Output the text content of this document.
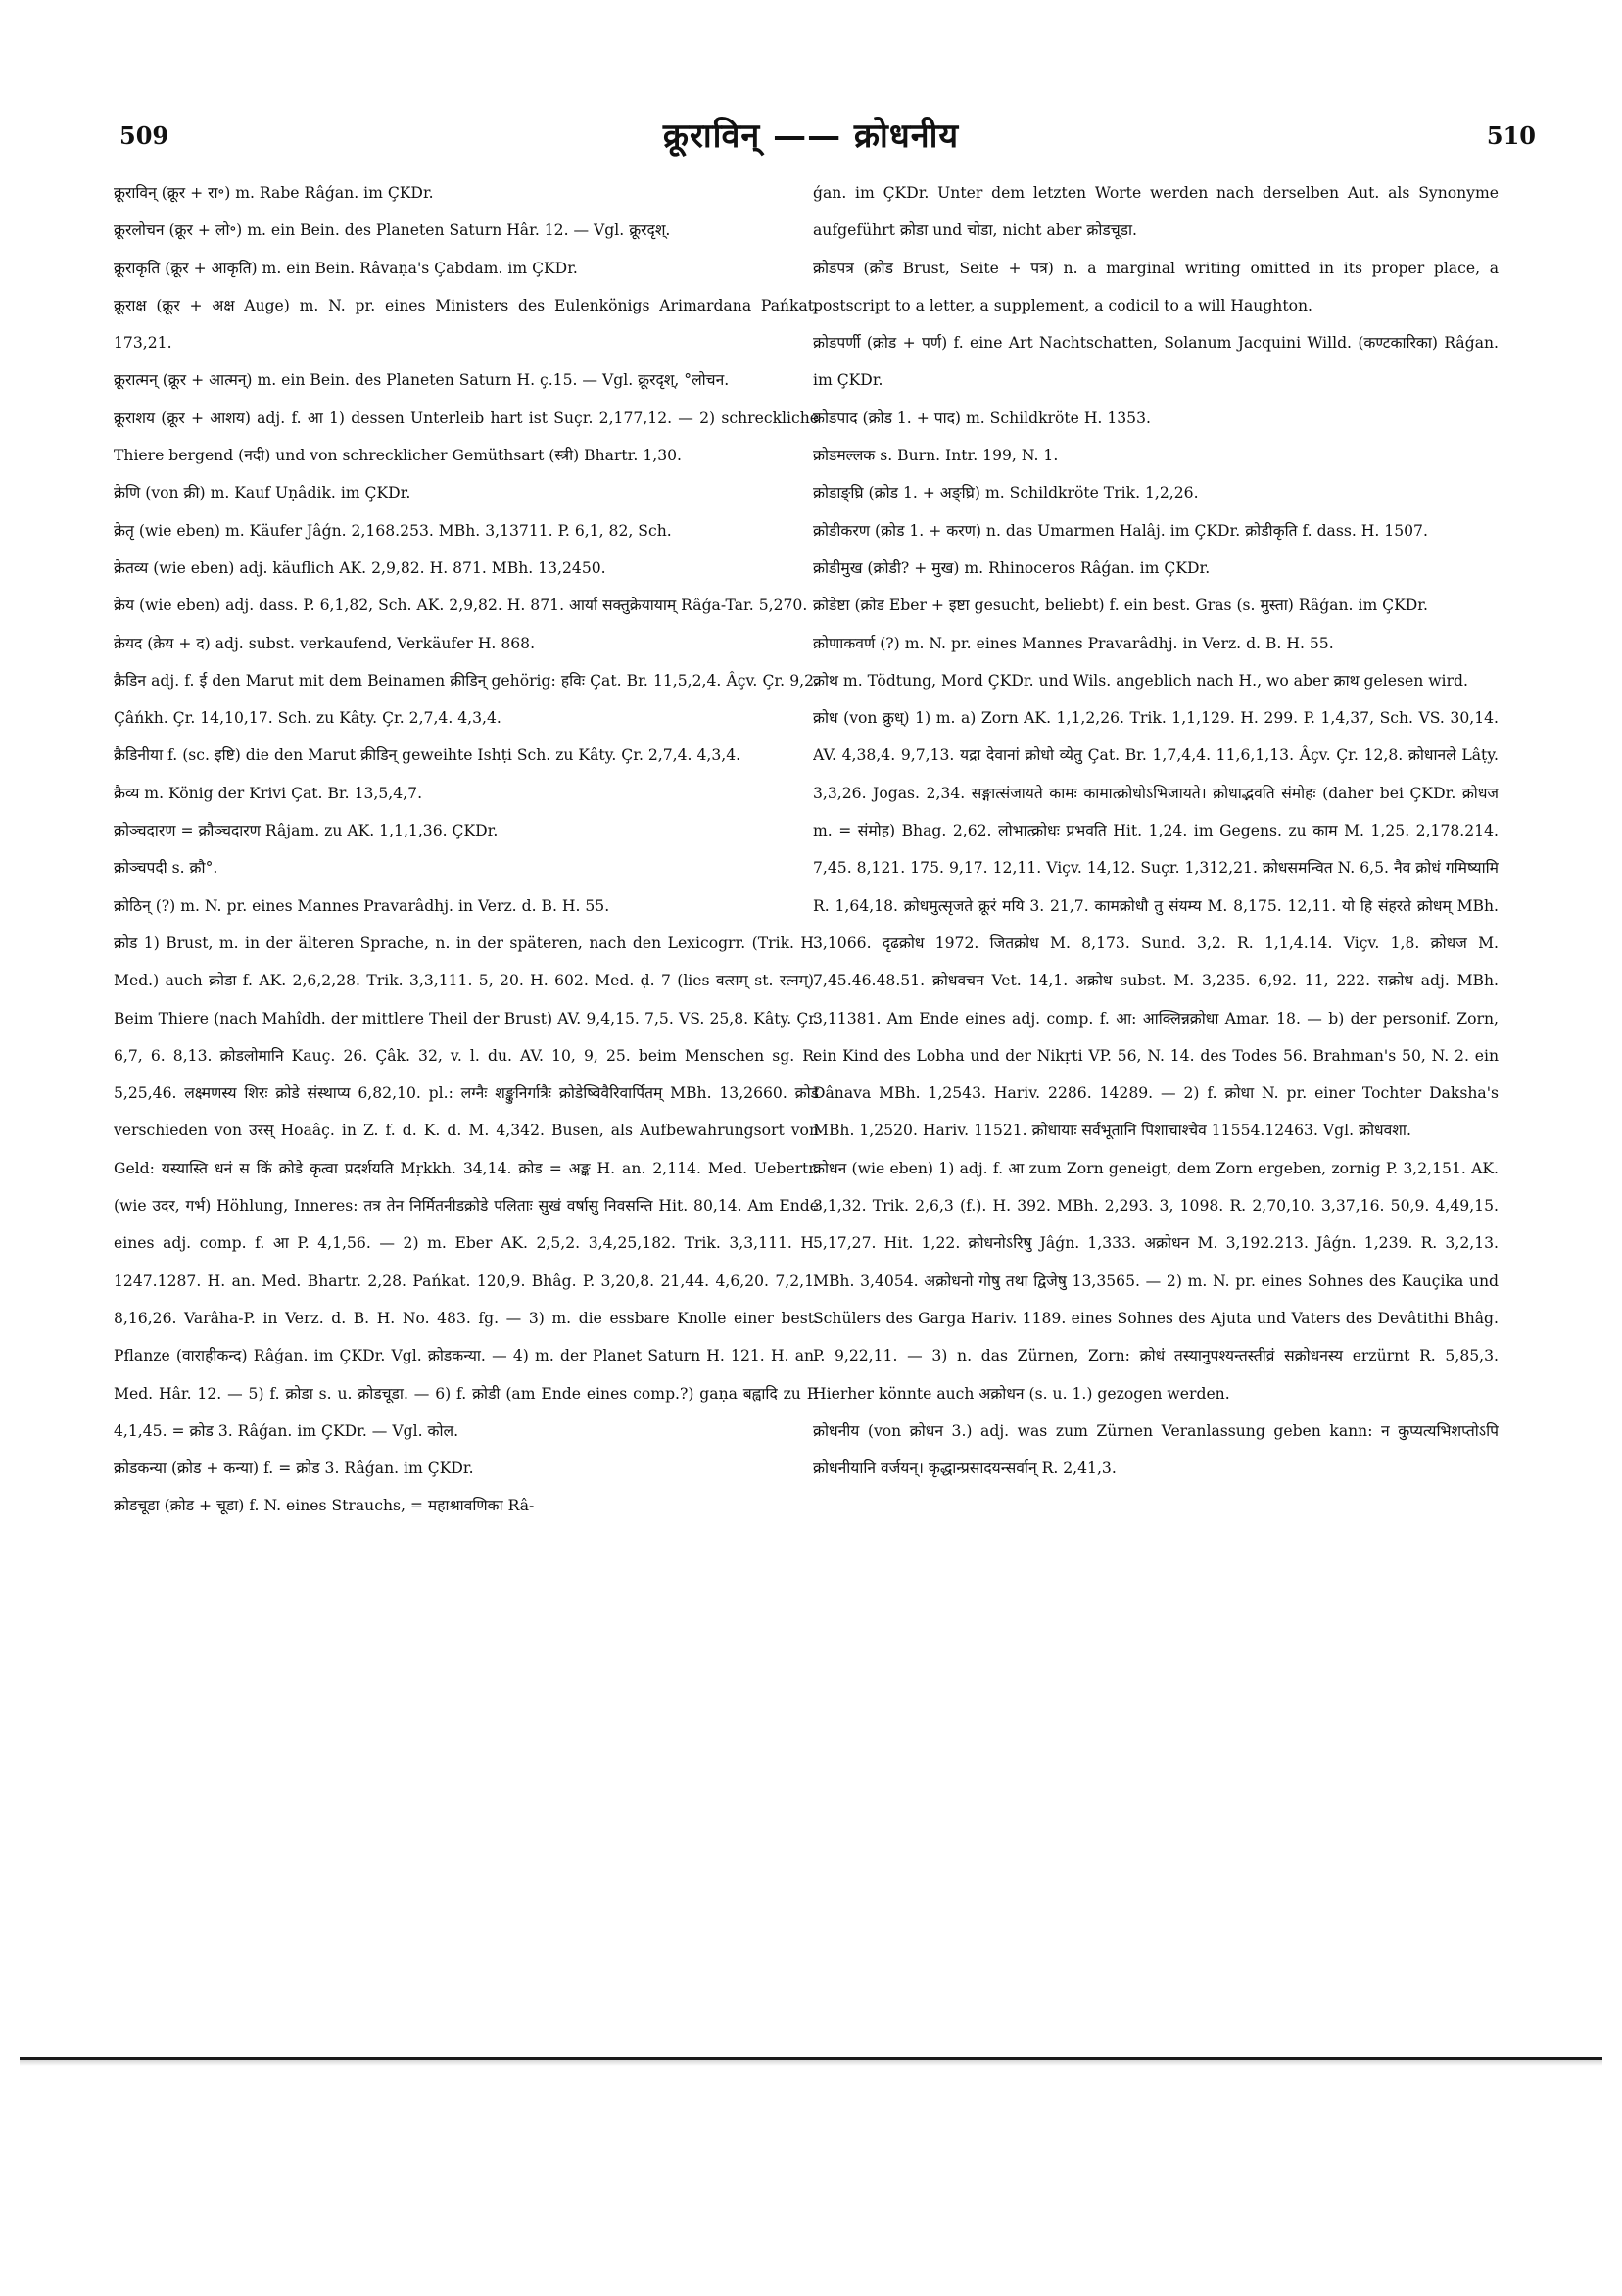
509	क्रूराविन् —— क्रोधनीय	510

क्रूराविन् (क्रूर + रा॰) m. Rabe Râǵan. im ÇKDr.

क्रूरलोचन (क्रूर + लो॰) m. ein Bein. des Planeten Saturn Hâr. 12. — Vgl. क्रूरदृश्.

क्रूराकृति (क्रूर + आकृति) m. ein Bein. Râvaṇa's Çabdam. im ÇKDr.

क्रूराक्ष (क्रूर + अक्ष Auge) m. N. pr. eines Ministers des Eulenkönigs Arimardana Pańkat. 173,21.

क्रूरात्मन् (क्रूर + आत्मन्) m. ein Bein. des Planeten Saturn H. ç.15. — Vgl. क्रूरदृश्, °लोचन.

क्रूराशय (क्रूर + आशय) adj. f. आ 1) dessen Unterleib hart ist Suçr. 2,177,12. — 2) schreckliche Thiere bergend (नदी) und von schrecklicher Gemüthsart (स्त्री) Bhartr. 1,30.

क्रेणि (von क्री) m. Kauf Uṇâdik. im ÇKDr.

क्रेतृ (wie eben) m. Käufer Jâǵn. 2,168.253. MBh. 3,13711. P. 6,1, 82, Sch.

क्रेतव्य (wie eben) adj. käuflich AK. 2,9,82. H. 871. MBh. 13,2450.

क्रेय (wie eben) adj. dass. P. 6,1,82, Sch. AK. 2,9,82. H. 871. आर्या सक्तुक्रेयायाम् Râǵa-Tar. 5,270.

क्रेयद (क्रेय + द) adj. subst. verkaufend, Verkäufer H. 868.

क्रैडिन adj. f. ई den Marut mit dem Beinamen क्रीडिन् gehörig: हविः Çat. Br. 11,5,2,4. Âçv. Çr. 9,2. Çâńkh. Çr. 14,10,17. Sch. zu Kâty. Çr. 2,7,4. 4,3,4.

क्रैडिनीया f. (sc. इष्टि) die den Marut क्रीडिन् geweihte Ishṭi Sch. zu Kâty. Çr. 2,7,4. 4,3,4.

क्रैव्य m. König der Krivi Çat. Br. 13,5,4,7.

क्रोञ्चदारण = क्रौञ्चदारण Râjam. zu AK. 1,1,1,36. ÇKDr.

क्रोञ्चपदी s. क्रौ°.

क्रोठिन् (?) m. N. pr. eines Mannes Pravarâdhj. in Verz. d. B. H. 55.

क्रोड 1) Brust, m. in der älteren Sprache, n. in der späteren, nach den Lexicogrr. (Trik. H. Med.) auch क्रोडा f. AK. 2,6,2,28. Trik. 3,3,111. 5, 20. H. 602. Med. ḍ. 7 (lies वत्सम् st. रत्नम्). Beim Thiere (nach Mahîdh. der mittlere Theil der Brust) AV. 9,4,15. 7,5. VS. 25,8. Kâty. Çr. 6,7, 6. 8,13. क्रोडलोमानि Kauç. 26. Çâk. 32, v. l. du. AV. 10, 9, 25. beim Menschen sg. R. 5,25,46. लक्ष्मणस्य शिरः क्रोडे संस्थाप्य 6,82,10. pl.: लग्नैः शङ्कुनिर्गात्रैः क्रोडेष्विवैरिवार्पितम् MBh. 13,2660. क्रोड verschieden von उरस् Hoaâç. in Z. f. d. K. d. M. 4,342. Busen, als Aufbewahrungsort von Geld: यस्यास्ति धनं स किं क्रोडे कृत्वा प्रदर्शयति Mṛkkh. 34,14. क्रोड = अङ्क H. an. 2,114. Med. Uebertr. (wie उदर, गर्भ) Höhlung, Inneres: तत्र तेन निर्मितनीडक्रोडे पलिताः सुखं वर्षासु निवसन्ति Hit. 80,14. Am Ende eines adj. comp. f. आ P. 4,1,56. — 2) m. Eber AK. 2,5,2. 3,4,25,182. Trik. 3,3,111. H. 1247.1287. H. an. Med. Bhartr. 2,28. Pańkat. 120,9. Bhâg. P. 3,20,8. 21,44. 4,6,20. 7,2,1. 8,16,26. Varâha-P. in Verz. d. B. H. No. 483. fg. — 3) m. die essbare Knolle einer best. Pflanze (वाराहीकन्द) Râǵan. im ÇKDr. Vgl. क्रोडकन्या. — 4) m. der Planet Saturn H. 121. H. an. Med. Hâr. 12. — 5) f. क्रोडा s. u. क्रोडचूडा. — 6) f. क्रोडी (am Ende eines comp.?) gaṇa बह्वादि zu P. 4,1,45. = क्रोड 3. Râǵan. im ÇKDr. — Vgl. कोल.

क्रोडकन्या (क्रोड + कन्या) f. = क्रोड 3. Râǵan. im ÇKDr.

क्रोडचूडा (क्रोड + चूडा) f. N. eines Strauchs, = महाश्रावणिका Râ-

ǵan. im ÇKDr. Unter dem letzten Worte werden nach derselben Aut. als Synonyme aufgeführt क्रोडा und चोडा, nicht aber क्रोडचूडा.

क्रोडपत्र (क्रोड Brust, Seite + पत्र) n. a marginal writing omitted in its proper place, a postscript to a letter, a supplement, a codicil to a will Haughton.

क्रोडपर्णी (क्रोड + पर्ण) f. eine Art Nachtschatten, Solanum Jacquini Willd. (कण्टकारिका) Râǵan. im ÇKDr.

क्रोडपाद (क्रोड 1. + पाद) m. Schildkröte H. 1353.

क्रोडमल्लक s. Burn. Intr. 199, N. 1.

क्रोडाङ्घ्रि (क्रोड 1. + अङ्घ्रि) m. Schildkröte Trik. 1,2,26.

क्रोडीकरण (क्रोड 1. + करण) n. das Umarmen Halâj. im ÇKDr. क्रोडीकृति f. dass. H. 1507.

क्रोडीमुख (क्रोडी? + मुख) m. Rhinoceros Râǵan. im ÇKDr.

क्रोडेष्टा (क्रोड Eber + इष्टा gesucht, beliebt) f. ein best. Gras (s. मुस्ता) Râǵan. im ÇKDr.

क्रोणाकवर्ण (?) m. N. pr. eines Mannes Pravarâdhj. in Verz. d. B. H. 55.

क्रोथ m. Tödtung, Mord ÇKDr. und Wils. angeblich nach H., wo aber क्राथ gelesen wird.

क्रोध (von क्रुध्) 1) m. a) Zorn AK. 1,1,2,26. Trik. 1,1,129. H. 299. P. 1,4,37, Sch. VS. 30,14. AV. 4,38,4. 9,7,13. यद्रा देवानां क्रोधो व्येतु Çat. Br. 1,7,4,4. 11,6,1,13. Âçv. Çr. 12,8. क्रोधानले Lâṭy. 3,3,26. Jogas. 2,34. सङ्गात्संजायते कामः कामात्क्रोधोऽभिजायते। क्रोधाद्भवति संमोहः (daher bei ÇKDr. क्रोधज m. = संमोह) Bhag. 2,62. लोभात्क्रोधः प्रभवति Hit. 1,24. im Gegens. zu काम M. 1,25. 2,178.214. 7,45. 8,121. 175. 9,17. 12,11. Viçv. 14,12. Suçr. 1,312,21. क्रोधसमन्वित N. 6,5. नैव क्रोधं गमिष्यामि R. 1,64,18. क्रोधमुत्सृजते क्रूरं मयि 3. 21,7. कामक्रोधौ तु संयम्य M. 8,175. 12,11. यो हि संहरते क्रोधम् MBh. 3,1066. दृढक्रोध 1972. जितक्रोध M. 8,173. Sund. 3,2. R. 1,1,4.14. Viçv. 1,8. क्रोधज M. 7,45.46.48.51. क्रोधवचन Vet. 14,1. अक्रोध subst. M. 3,235. 6,92. 11, 222. सक्रोध adj. MBh. 3,11381. Am Ende eines adj. comp. f. आ: आक्लिन्नक्रोधा Amar. 18. — b) der personif. Zorn, ein Kind des Lobha und der Nikṛti VP. 56, N. 14. des Todes 56. Brahman's 50, N. 2. ein Dânava MBh. 1,2543. Hariv. 2286. 14289. — 2) f. क्रोधा N. pr. einer Tochter Daksha's MBh. 1,2520. Hariv. 11521. क्रोधायाः सर्वभूतानि पिशाचाश्चैव 11554.12463. Vgl. क्रोधवशा.

क्रोधन (wie eben) 1) adj. f. आ zum Zorn geneigt, dem Zorn ergeben, zornig P. 3,2,151. AK. 3,1,32. Trik. 2,6,3 (f.). H. 392. MBh. 2,293. 3, 1098. R. 2,70,10. 3,37,16. 50,9. 4,49,15. 5,17,27. Hit. 1,22. क्रोधनोऽरिषु Jâǵn. 1,333. अक्रोधन M. 3,192.213. Jâǵn. 1,239. R. 3,2,13. MBh. 3,4054. अक्रोधनो गोषु तथा द्विजेषु 13,3565. — 2) m. N. pr. eines Sohnes des Kauçika und Schülers des Garga Hariv. 1189. eines Sohnes des Ajuta und Vaters des Devâtithi Bhâg. P. 9,22,11. — 3) n. das Zürnen, Zorn: क्रोधं तस्यानुपश्यन्तस्तीव्रं सक्रोधनस्य erzürnt R. 5,85,3. Hierher könnte auch अक्रोधन (s. u. 1.) gezogen werden.

क्रोधनीय (von क्रोधन 3.) adj. was zum Zürnen Veranlassung geben kann: न कुप्यत्यभिशप्तोऽपि क्रोधनीयानि वर्जयन्। कृद्धान्प्रसादयन्सर्वान् R. 2,41,3.
